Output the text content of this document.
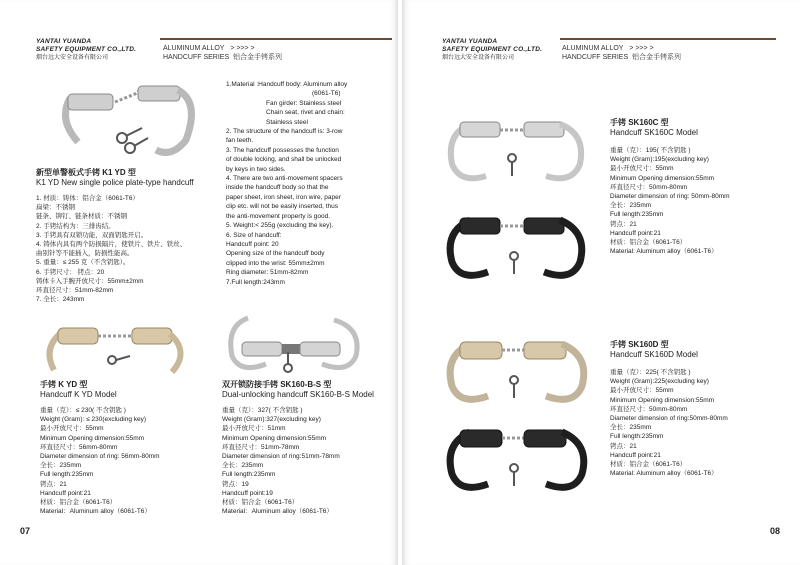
YANTAI YUANDA
SAFETY EQUIPMENT CO.,LTD.
烟台远大安全设备有限公司
ALUMINUM ALLOY > >>> >
HANDCUFF SERIES 铝合金手铐系列
新型单警板式手铐 K1 YD 型
K1 YD New single police plate-type handcuff
1. 材质：铸体：铝合金（6061-T6）
扁梁：不锈钢
链条、铆钉、链条材质：不锈钢
2. 手铐结构为：三排齿结。
3. 手铐具有双锁功能，双面钥匙开启。
4. 铸体内具有两个防损隔片，使铁片、铁片、铁丝、
曲别针等不能插入，防损性能高。
5. 重量：≤ 255 克（不含钥匙）。
6. 手铐尺寸： 铐点：20
铸体卡入手腕开放尺寸：55mm±2mm
环直径尺寸：51mm-82mm
7. 全长：243mm
1.Material :Handcuff body: Aluminum alloy
(6061-T6)
Fan girder: Stainless steel
Chain seat, rivet and chain:
Stainless steel
2. The structure of the handcuff is: 3-row
fan teeth.
3. The handcuff possesses the function
of double locking, and shall be unlocked
by keys in two sides.
4. There are two anti-movement spacers
inside the handcuff body so that the
paper sheet, iron sheet, iron wire, paper
clip etc. will not be easily inserted, thus
the anti-movement property is good.
5. Weight:< 255g (excluding the key).
6. Size of handcuff:
Handcuff point: 20
Opening size of the handcuff body
clipped into the wrist: 55mm±2mm
Ring diameter: 51mm-82mm
7.Full length:243mm
手铐 K YD 型
Handcuff K YD Model
重量（克）：≤ 230( 不含钥匙 )
Weight (Gram): ≤ 230(excluding key)
最小开放尺寸：55mm
Minimum Opening dimension:55mm
环直径尺寸：56mm-80mm
Diameter dimension of ring: 56mm-80mm
全长：235mm
Full length:235mm
铐点：21
Handcuff point:21
材质：铝合金（6061-T6）
Material：Aluminum alloy（6061-T6）
双开锁防接手铐 SK160-B-S 型
Dual-unlocking handcuff SK160-B-S Model
重量（克）：327( 不含钥匙 )
Weight (Gram):327(excluding key)
最小开放尺寸：51mm
Minimum Opening dimension:55mm
环直径尺寸：51mm-78mm
Diameter dimension of ring:51mm-78mm
全长：235mm
Full length:235mm
铐点：19
Handcuff point:19
材质：铝合金（6061-T6）
Material：Aluminum alloy（6061-T6）
07
YANTAI YUANDA
SAFETY EQUIPMENT CO.,LTD.
烟台远大安全设备有限公司
ALUMINUM ALLOY > >>> >
HANDCUFF SERIES 铝合金手铐系列
手铐 SK160C 型
Handcuff SK160C Model
重量（克）：195( 不含钥匙 )
Weight (Gram):195(excluding key)
最小开放尺寸：55mm
Minimum Opening dimension:55mm
环直径尺寸：50mm-80mm
Diameter dimension of ring: 50mm-80mm
全长：235mm
Full length:235mm
铐点：21
Handcuff point:21
材质：铝合金（6061-T6）
Material: Aluminum alloy（6061-T6）
手铐 SK160D 型
Handcuff SK160D Model
重量（克）：225( 不含钥匙 )
Weight (Gram):225(excluding key)
最小开放尺寸：55mm
Minimum Opening dimension:55mm
环直径尺寸：50mm-80mm
Diameter dimension of ring:50mm-80mm
全长：235mm
Full length:235mm
铐点：21
Handcuff point:21
材质：铝合金（6061-T6）
Material: Aluminum alloy（6061-T6）
08
